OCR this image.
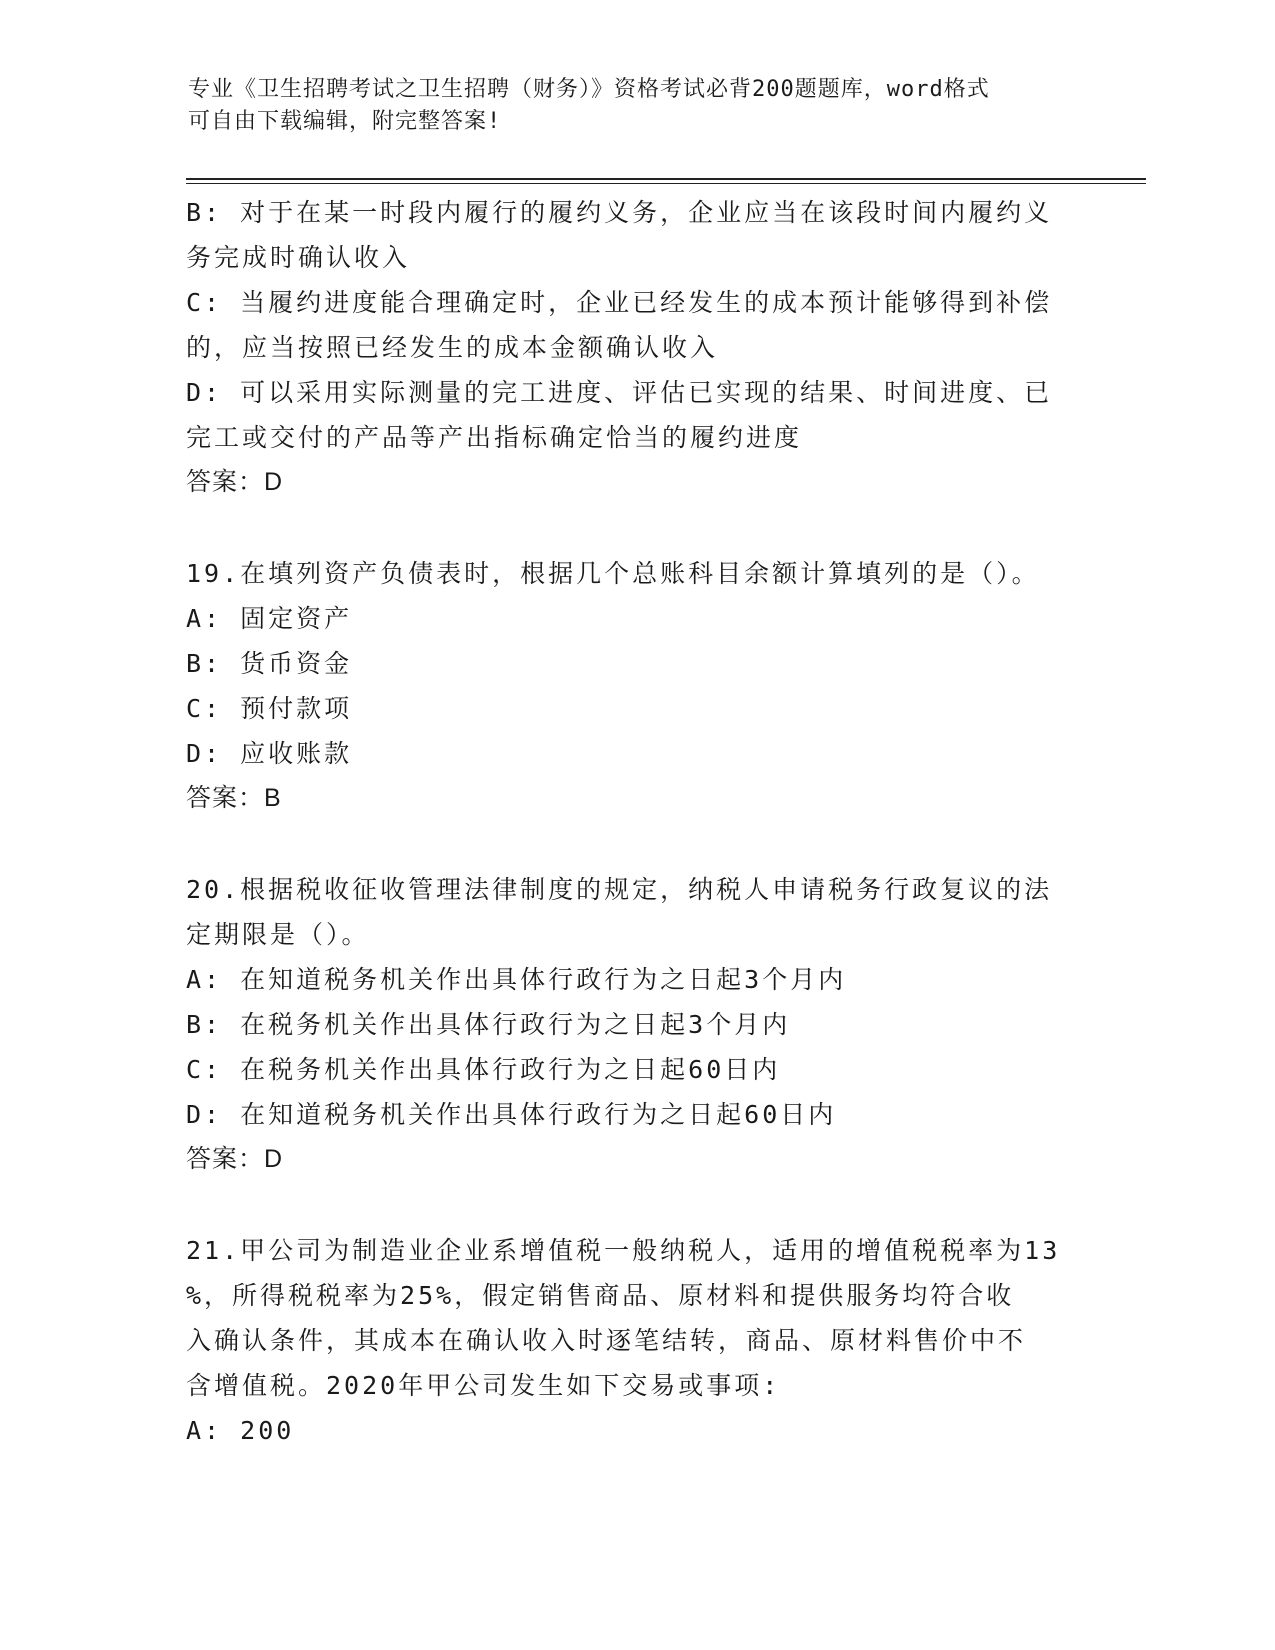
专业《卫生招聘考试之卫生招聘（财务）》资格考试必背200题题库，word格式
可自由下载编辑，附完整答案!
B: 对于在某一时段内履行的履约义务，企业应当在该段时间内履约义
务完成时确认收入
C: 当履约进度能合理确定时，企业已经发生的成本预计能够得到补偿
的，应当按照已经发生的成本金额确认收入
D: 可以采用实际测量的完工进度、评估已实现的结果、时间进度、已
完工或交付的产品等产出指标确定恰当的履约进度
答案：D
19.在填列资产负债表时，根据几个总账科目余额计算填列的是（）。
A: 固定资产
B: 货币资金
C: 预付款项
D: 应收账款
答案：B
20.根据税收征收管理法律制度的规定，纳税人申请税务行政复议的法
定期限是（）。
A: 在知道税务机关作出具体行政行为之日起3个月内
B: 在税务机关作出具体行政行为之日起3个月内
C: 在税务机关作出具体行政行为之日起60日内
D: 在知道税务机关作出具体行政行为之日起60日内
答案：D
21.甲公司为制造业企业系增值税一般纳税人，适用的增值税税率为13
%，所得税税率为25%，假定销售商品、原材料和提供服务均符合收
入确认条件，其成本在确认收入时逐笔结转，商品、原材料售价中不
含增值税。2020年甲公司发生如下交易或事项:
A: 200
